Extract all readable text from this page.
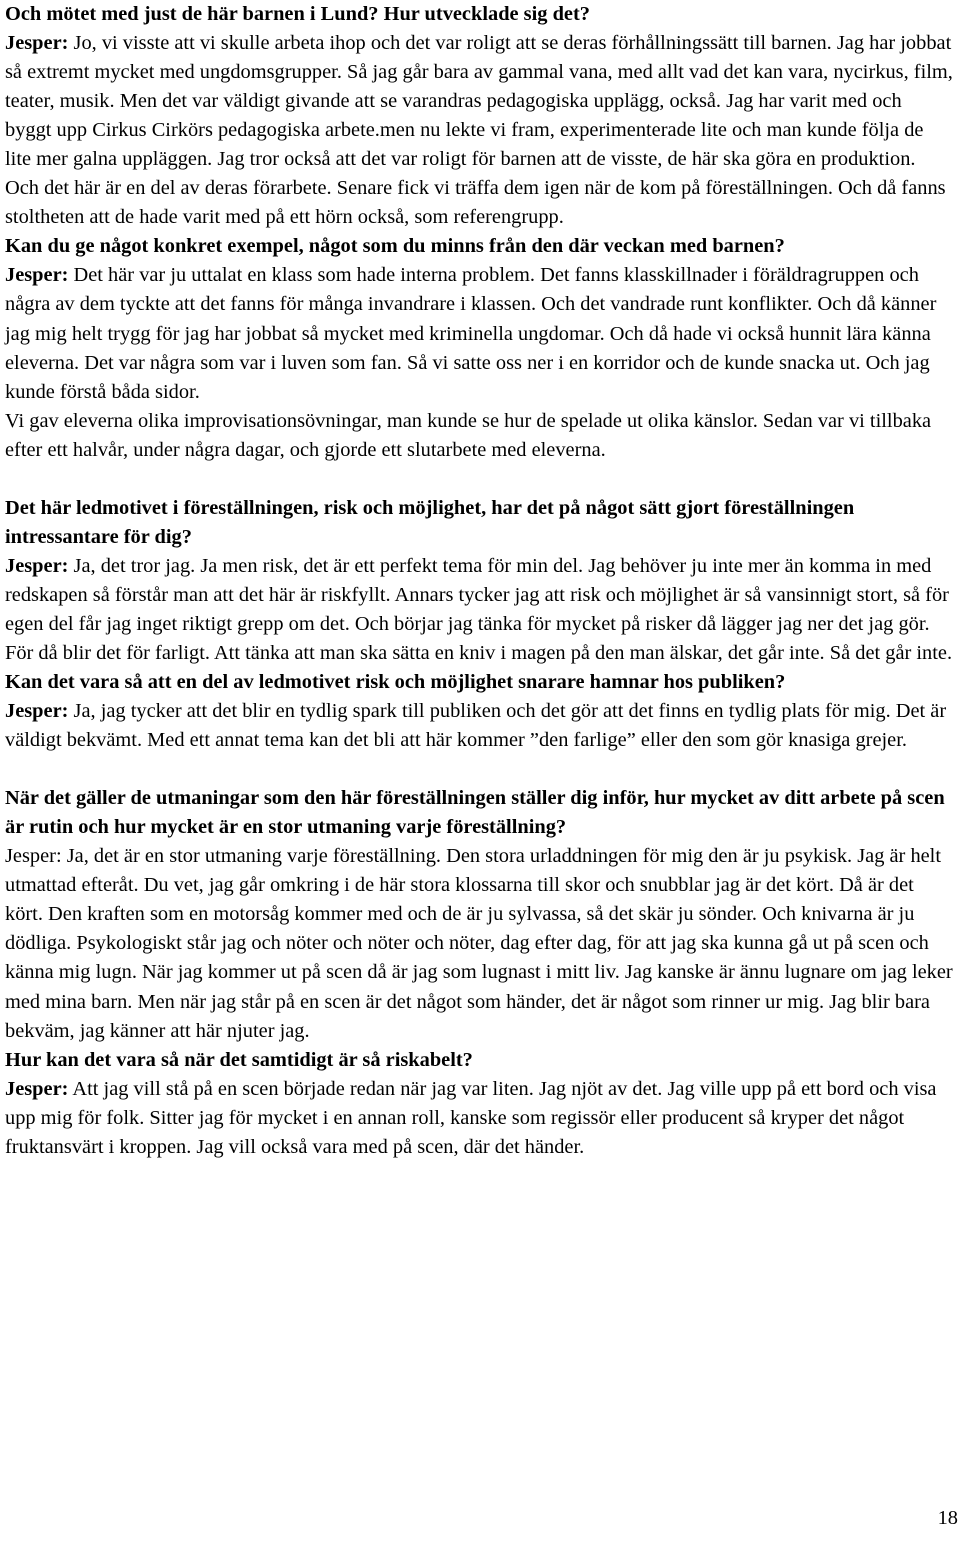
Och mötet med just de här barnen i Lund? Hur utvecklade sig det?

Jesper: Jo, vi visste att vi skulle arbeta ihop och det var roligt att se deras förhållningssätt till barnen. Jag har jobbat så extremt mycket med ungdomsgrupper. Så jag går bara av gammal vana, med allt vad det kan vara, nycirkus, film, teater, musik. Men det var väldigt givande att se varandras pedagogiska upplägg, också. Jag har varit med och byggt upp Cirkus Cirkörs pedagogiska arbete.men nu lekte vi fram, experimenterade lite och man kunde följa de lite mer galna uppläggen. Jag tror också att det var roligt för barnen att de visste, de här ska göra en produktion. Och det här är en del av deras förarbete. Senare fick vi träffa dem igen när de kom på föreställningen. Och då fanns stoltheten att de hade varit med på ett hörn också, som referengrupp.

Kan du ge något konkret exempel, något som du minns från den där veckan med barnen?

Jesper: Det här var ju uttalat en klass som hade interna problem. Det fanns klasskillnader i föräldragruppen och några av dem tyckte att det fanns för många invandrare i klassen. Och det vandrade runt konflikter. Och då känner jag mig helt trygg för jag har jobbat så mycket med kriminella ungdomar. Och då hade vi också hunnit lära känna eleverna. Det var några som var i luven som fan. Så vi satte oss ner i en korridor och de kunde snacka ut. Och jag kunde förstå båda sidor.

Vi gav eleverna olika improvisationsövningar, man kunde se hur de spelade ut olika känslor. Sedan var vi tillbaka efter ett halvår, under några dagar, och gjorde ett slutarbete med eleverna.

Det här ledmotivet i föreställningen, risk och möjlighet, har det på något sätt gjort föreställningen intressantare för dig?

Jesper: Ja, det tror jag. Ja men risk, det är ett perfekt tema för min del. Jag behöver ju inte mer än komma in med redskapen så förstår man att det här är riskfyllt. Annars tycker jag att risk och möjlighet är så vansinnigt stort, så för egen del får jag inget riktigt grepp om det. Och börjar jag tänka för mycket på risker då lägger jag ner det jag gör. För då blir det för farligt. Att tänka att man ska sätta en kniv i magen på den man älskar, det går inte. Så det går inte.

Kan det vara så att en del av ledmotivet risk och möjlighet snarare hamnar hos publiken?

Jesper: Ja, jag tycker att det blir en tydlig spark till publiken och det gör att det finns en tydlig plats för mig. Det är väldigt bekvämt. Med ett annat tema kan det bli att här kommer ”den farlige” eller den som gör knasiga grejer.

När det gäller de utmaningar som den här föreställningen ställer dig inför, hur mycket av ditt arbete på scen är rutin och hur mycket är en stor utmaning varje föreställning?

Jesper: Ja, det är en stor utmaning varje föreställning. Den stora urladdningen för mig den är ju psykisk. Jag är helt utmattad efteråt. Du vet, jag går omkring i de här stora klossarna till skor och snubblar jag är det kört. Då är det kört. Den kraften som en motorsåg kommer med och de är ju sylvassa, så det skär ju sönder. Och knivarna är ju dödliga. Psykologiskt står jag och nöter och nöter och nöter, dag efter dag, för att jag ska kunna gå ut på scen och känna mig lugn. När jag kommer ut på scen då är jag som lugnast i mitt liv. Jag kanske är ännu lugnare om jag leker med mina barn. Men när jag står på en scen är det något som händer, det är något som rinner ur mig. Jag blir bara bekväm, jag känner att här njuter jag.

Hur kan det vara så när det samtidigt är så riskabelt?

Jesper: Att jag vill stå på en scen började redan när jag var liten. Jag njöt av det. Jag ville upp på ett bord och visa upp mig för folk. Sitter jag för mycket i en annan roll, kanske som regissör eller producent så kryper det något fruktansvärt i kroppen. Jag vill också vara med på scen, där det händer.

18
